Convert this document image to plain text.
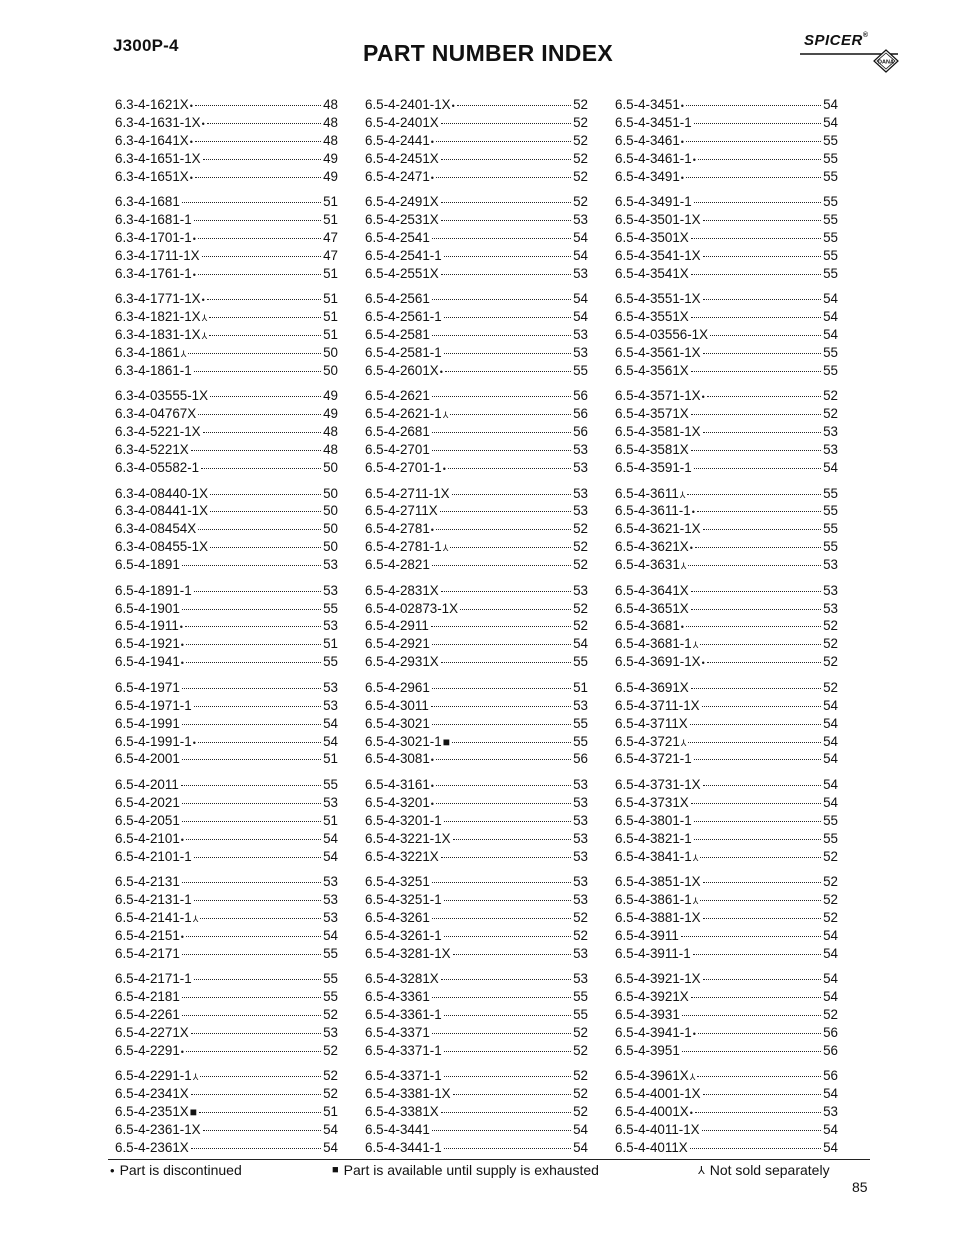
J300P-4	PART NUMBER INDEX	SPICER®
DANA
6.3-4-1621X •	48
6.3-4-1631-1X •	48
6.3-4-1641X •	48
6.3-4-1651-1X	49
6.3-4-1651X •	49
6.3-4-1681	51
6.3-4-1681-1	51
6.3-4-1701-1 •	47
6.3-4-1711-1X	47
6.3-4-1761-1 •	51
6.3-4-1771-1X •	51
6.3-4-1821-1X ⅄	51
6.3-4-1831-1X ⅄	51
6.3-4-1861 ⅄	50
6.3-4-1861-1	50
6.3-4-03555-1X	49
6.3-4-04767X	49
6.3-4-5221-1X	48
6.3-4-5221X	48
6.3-4-05582-1	50
6.3-4-08440-1X	50
6.3-4-08441-1X	50
6.3-4-08454X	50
6.3-4-08455-1X	50
6.5-4-1891	53
6.5-4-1891-1	53
6.5-4-1901	55
6.5-4-1911 •	53
6.5-4-1921 •	51
6.5-4-1941 •	55
6.5-4-1971	53
6.5-4-1971-1	53
6.5-4-1991	54
6.5-4-1991-1 •	54
6.5-4-2001	51
6.5-4-2011	55
6.5-4-2021	53
6.5-4-2051	51
6.5-4-2101 •	54
6.5-4-2101-1	54
6.5-4-2131	53
6.5-4-2131-1	53
6.5-4-2141-1 ⅄	53
6.5-4-2151 •	54
6.5-4-2171	55
6.5-4-2171-1	55
6.5-4-2181	55
6.5-4-2261	52
6.5-4-2271X	53
6.5-4-2291 •	52
6.5-4-2291-1 ⅄	52
6.5-4-2341X	52
6.5-4-2351X ■	51
6.5-4-2361-1X	54
6.5-4-2361X	54
6.5-4-2401-1X •	52
6.5-4-2401X	52
6.5-4-2441 •	52
6.5-4-2451X	52
6.5-4-2471 •	52
6.5-4-2491X	52
6.5-4-2531X	53
6.5-4-2541	54
6.5-4-2541-1	54
6.5-4-2551X	53
6.5-4-2561	54
6.5-4-2561-1	54
6.5-4-2581	53
6.5-4-2581-1	53
6.5-4-2601X •	55
6.5-4-2621	56
6.5-4-2621-1 ⅄	56
6.5-4-2681	56
6.5-4-2701	53
6.5-4-2701-1 •	53
6.5-4-2711-1X	53
6.5-4-2711X	53
6.5-4-2781 •	52
6.5-4-2781-1 ⅄	52
6.5-4-2821	52
6.5-4-2831X	53
6.5-4-02873-1X	52
6.5-4-2911	52
6.5-4-2921	54
6.5-4-2931X	55
6.5-4-2961	51
6.5-4-3011	53
6.5-4-3021	55
6.5-4-3021-1 ■	55
6.5-4-3081 •	56
6.5-4-3161 •	53
6.5-4-3201 •	53
6.5-4-3201-1	53
6.5-4-3221-1X	53
6.5-4-3221X	53
6.5-4-3251	53
6.5-4-3251-1	53
6.5-4-3261	52
6.5-4-3261-1	52
6.5-4-3281-1X	53
6.5-4-3281X	53
6.5-4-3361	55
6.5-4-3361-1	55
6.5-4-3371	52
6.5-4-3371-1	52
6.5-4-3371-1	52
6.5-4-3381-1X	52
6.5-4-3381X	52
6.5-4-3441	54
6.5-4-3441-1	54
6.5-4-3451 •	54
6.5-4-3451-1	54
6.5-4-3461 •	55
6.5-4-3461-1 •	55
6.5-4-3491 •	55
6.5-4-3491-1	55
6.5-4-3501-1X	55
6.5-4-3501X	55
6.5-4-3541-1X	55
6.5-4-3541X	55
6.5-4-3551-1X	54
6.5-4-3551X	54
6.5-4-03556-1X	54
6.5-4-3561-1X	55
6.5-4-3561X	55
6.5-4-3571-1X •	52
6.5-4-3571X	52
6.5-4-3581-1X	53
6.5-4-3581X	53
6.5-4-3591-1	54
6.5-4-3611 ⅄	55
6.5-4-3611-1 •	55
6.5-4-3621-1X	55
6.5-4-3621X •	55
6.5-4-3631 ⅄	53
6.5-4-3641X	53
6.5-4-3651X	53
6.5-4-3681 •	52
6.5-4-3681-1 ⅄	52
6.5-4-3691-1X •	52
6.5-4-3691X	52
6.5-4-3711-1X	54
6.5-4-3711X	54
6.5-4-3721 ⅄	54
6.5-4-3721-1	54
6.5-4-3731-1X	54
6.5-4-3731X	54
6.5-4-3801-1	55
6.5-4-3821-1	55
6.5-4-3841-1 ⅄	52
6.5-4-3851-1X	52
6.5-4-3861-1 ⅄	52
6.5-4-3881-1X	52
6.5-4-3911	54
6.5-4-3911-1	54
6.5-4-3921-1X	54
6.5-4-3921X	54
6.5-4-3931	52
6.5-4-3941-1 •	56
6.5-4-3951	56
6.5-4-3961X ⅄	56
6.5-4-4001-1X	54
6.5-4-4001X •	53
6.5-4-4011-1X	54
6.5-4-4011X	54
• Part is discontinued	■ Part is available until supply is exhausted	⅄ Not sold separately
85
